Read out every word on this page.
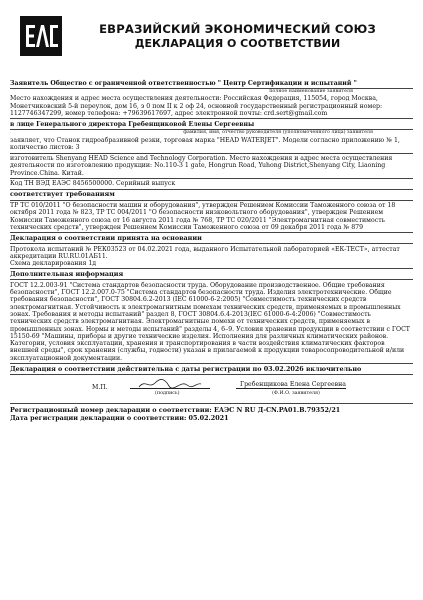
ЕВРАЗИЙСКИЙ ЭКОНОМИЧЕСКИЙ СОЮЗ
ДЕКЛАРАЦИЯ О СООТВЕТСТВИИ
Заявитель Общество с ограниченной ответственностью " Центр Сертификации и испытаний "
полное наименование заявителя
Место нахождения и адрес места осуществления деятельности: Российская Федерация, 115054, город Москва, Монетчиковский 5-й переулок, дом 16, э 0 пом II к 2 оф 24, основной государственный регистрационный номер: 1127746347299, номер телефона: +79639617697, адрес электронной почты: crd.sert@gmail.com
в лице Генерального директора Гребенщиковой Елены Сергеевны
фамилия, имя, отчество руководителя (уполномоченного лица) заявителя
заявляет, что Станок гидроабразивной резки, торговая марка "HEAD WATERJET". Модели согласно приложению № 1, количество листов: 3
изготовитель Shenyang HEAD Science and Technology Corporation. Место нахождения и адрес места осуществления деятельности по изготовлению продукции: No.110-3 1 gate, Hongrun Road, Yuhong District,Shenyang City, Liaoning Province.China. Китай.
Код ТН ВЭД ЕАЭС 8456500000. Серийный выпуск
соответствует требованиям
ТР ТС 010/2011 "О безопасности машин и оборудования", утвержден Решением Комиссии Таможенного союза от 18 октября 2011 года № 823, ТР ТС 004/2011 "О безопасности низковольтного оборудования", утвержден Решением Комиссии Таможенного союза от 16 августа 2011 года № 768, ТР ТС 020/2011 "Электромагнитная совместимость технических средств", утвержден Решением Комиссии Таможенного союза от 09 декабря 2011 года № 879
Декларация о соответствии принята на основании
Протокола испытаний № РЕК03523 от 04.02.2021 года, выданного Испытательной лабораторией «ЕК-ТЕСТ», аттестат аккредитации RU.RU.01АБ11.
Схема декларирования 1д
Дополнительная информация
ГОСТ 12.2.003-91 "Система стандартов безопасности труда. Оборудование производственное. Общие требования безопасности", ГОСТ 12.2.007.0-75 "Система стандартов безопасности труда. Изделия электротехнические. Общие требования безопасности", ГОСТ 30804.6.2-2013 (IEC 61000-6-2:2005) "Совместимость технических средств электромагнитная. Устойчивость к электромагнитным помехам технических средств, применяемых в промышленных зонах. Требования и методы испытаний" раздел 8, ГОСТ 30804.6.4-2013(IEC 61000-6-4:2006) "Совместимость технических средств электромагнитная. Электромагнитные помехи от технических средств, применяемых в промышленных зонах. Нормы и методы испытаний" разделы 4, 6–9. Условия хранения продукции в соответствии с ГОСТ 15150-69 "Машины, приборы и другие технические изделия. Исполнения для различных климатических районов. Категории, условия эксплуатации, хранения и транспортирования в части воздействия климатических факторов внешней среды", срок хранения (службы, годности) указан в прилагаемой к продукции товаросопроводительной и/или эксплуатационной документации.
Декларация о соответствии действительна с даты регистрации по 03.02.2026 включительно
М.П.
(подпись)
Гребенщикова Елена Сергеевна
(Ф.И.О. заявителя)
Регистрационный номер декларации о соответствии: ЕАЭС N RU Д-CN.PA01.B.79352/21
Дата регистрации декларации о соответствии: 05.02.2021
